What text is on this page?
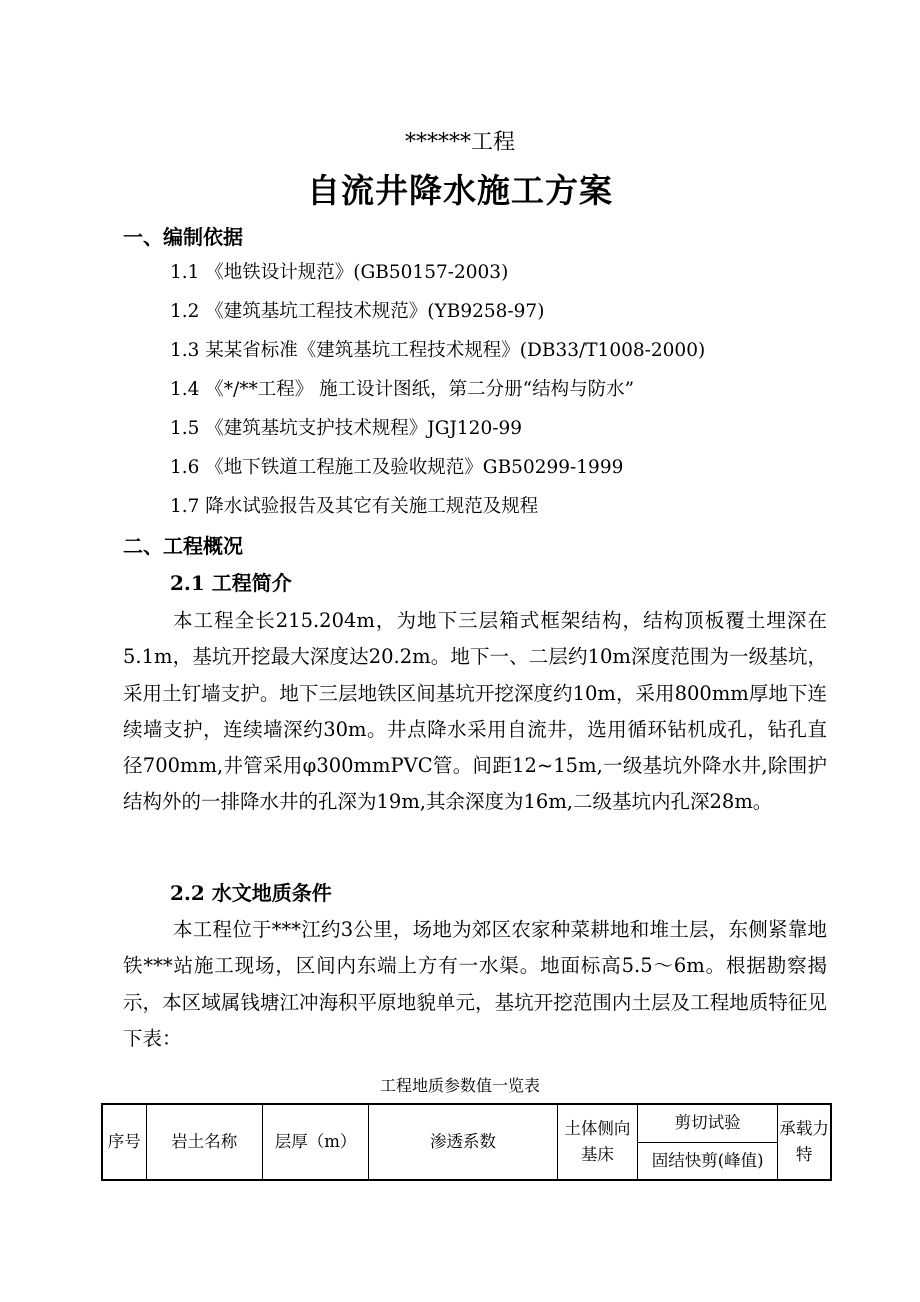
******工程
自流井降水施工方案
一、编制依据
1.1 《地铁设计规范》(GB50157-2003)
1.2 《建筑基坑工程技术规范》(YB9258-97)
1.3 某某省标准《建筑基坑工程技术规程》(DB33/T1008-2000)
1.4 《*/**工程》 施工设计图纸，第二分册“结构与防水”
1.5 《建筑基坑支护技术规程》JGJ120-99
1.6 《地下铁道工程施工及验收规范》GB50299-1999
1.7 降水试验报告及其它有关施工规范及规程
二、工程概况
2.1 工程简介

本工程全长215.204m，为地下三层箱式框架结构，结构顶板覆土埋深在5.1m，基坑开挖最大深度达20.2m。地下一、二层约10m深度范围为一级基坑，采用土钉墙支护。地下三层地铁区间基坑开挖深度约10m，采用800mm厚地下连续墙支护，连续墙深约30m。井点降水采用自流井，选用循环钻机成孔，钻孔直径700mm,井管采用φ300mmPVC管。间距12~15m,一级基坑外降水井,除围护结构外的一排降水井的孔深为19m,其余深度为16m,二级基坑内孔深28m。

2.2 水文地质条件

本工程位于***江约3公里，场地为郊区农家种菜耕地和堆土层，东侧紧靠地铁***站施工现场，区间内东端上方有一水渠。地面标高5.5～6m。根据勘察揭示，本区域属钱塘江冲海积平原地貌单元，基坑开挖范围内土层及工程地质特征见下表：

工程地质参数值一览表
序号	岩土名称	层厚（m）	渗透系数	土体侧向基床	剪切试验	承载力特
固结快剪(峰值)
